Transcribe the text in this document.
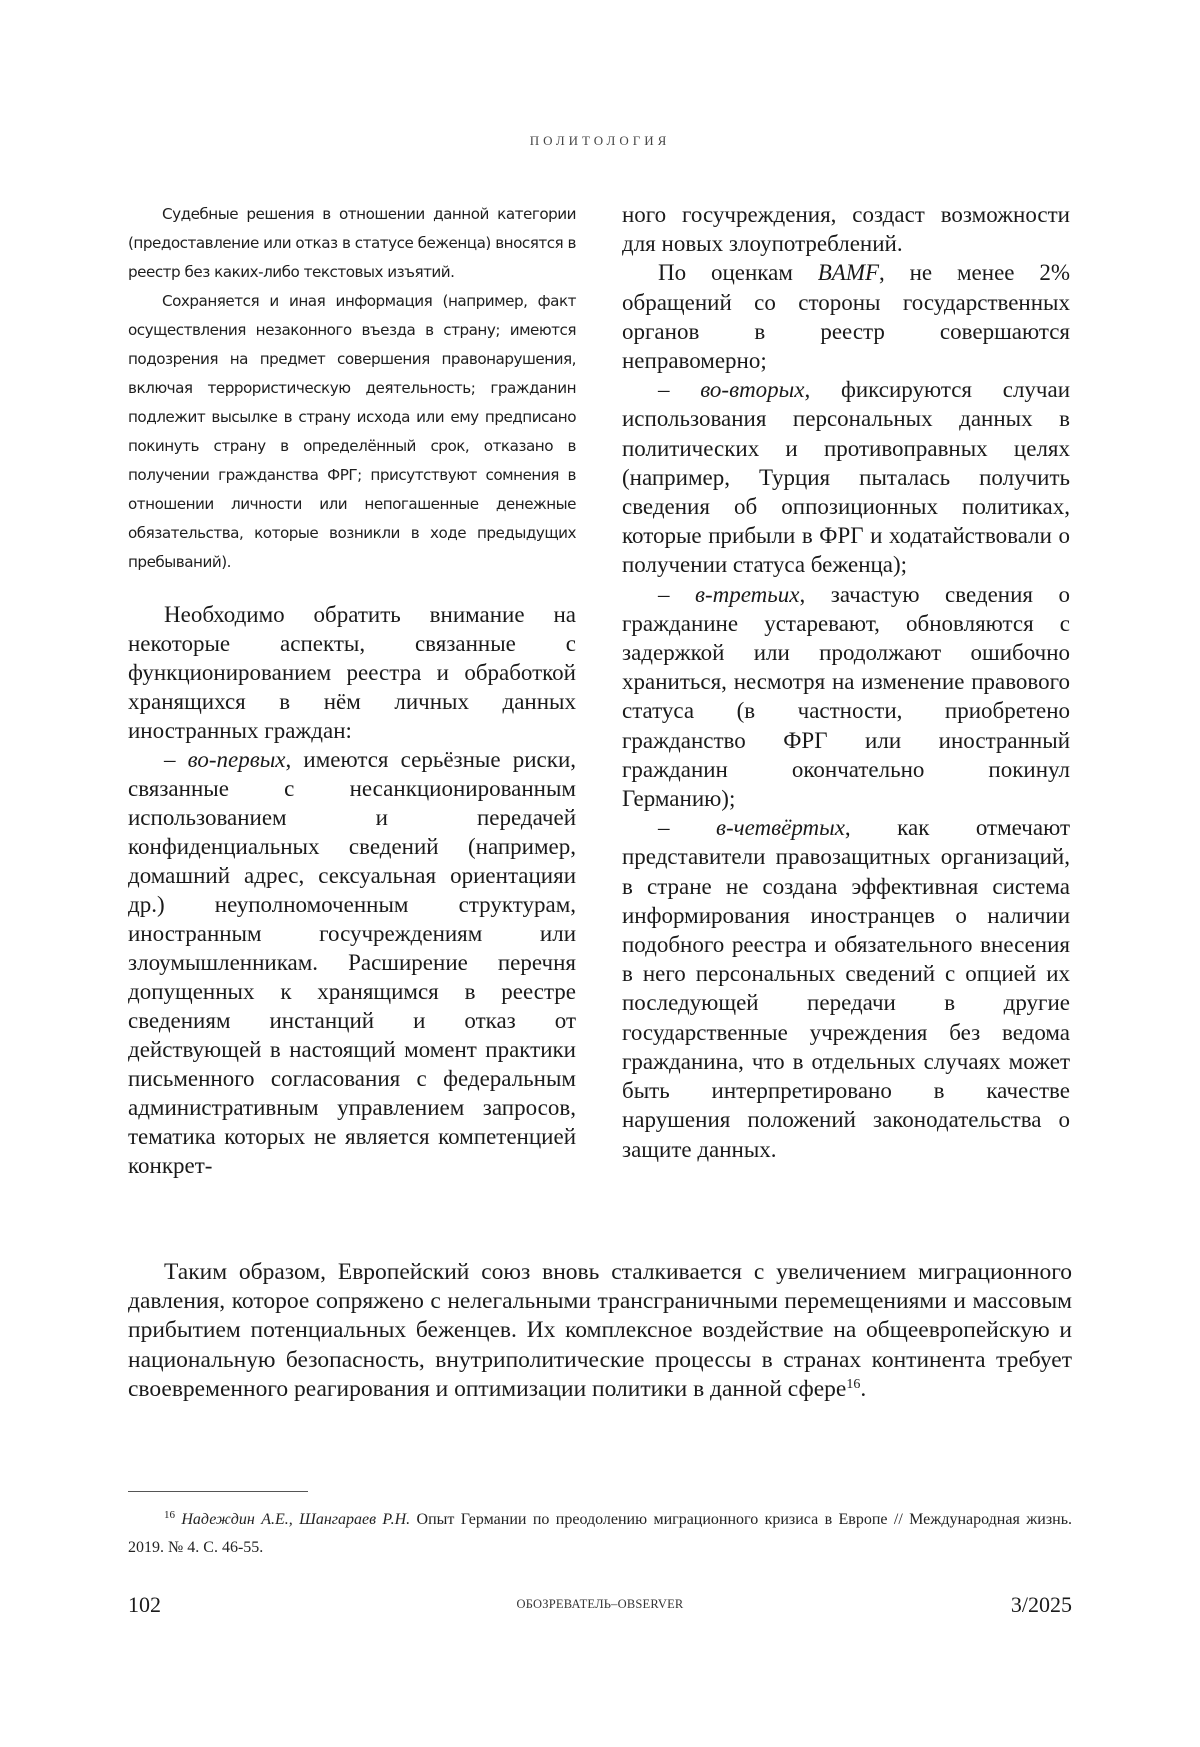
ПОЛИТОЛОГИЯ

Судебные решения в отношении данной категории (предоставление или отказ в статусе беженца) вносятся в реестр без каких-либо текстовых изъятий.

Сохраняется и иная информация (например, факт осуществления незаконного въезда в страну; имеются подозрения на предмет совершения правонарушения, включая террористическую деятельность; гражданин подлежит высылке в страну исхода или ему предписано покинуть страну в определённый срок, отказано в получении гражданства ФРГ; присутствуют сомнения в отношении личности или непогашенные денежные обязательства, которые возникли в ходе предыдущих пребываний).

Необходимо обратить внимание на некоторые аспекты, связанные с функционированием реестра и обработкой хранящихся в нём личных данных иностранных граждан:

– во-первых, имеются серьёзные риски, связанные с несанкционированным использованием и передачей конфиденциальных сведений (например, домашний адрес, сексуальная ориентацияи др.) неуполномоченным структурам, иностранным госучреждениям или злоумышленникам. Расширение перечня допущенных к хранящимся в реестре сведениям инстанций и отказ от действующей в настоящий момент практики письменного согласования с федеральным административным управлением запросов, тематика которых не является компетенцией конкрет-

ного госучреждения, создаст возможности для новых злоупотреблений.

По оценкам BAMF, не менее 2% обращений со стороны государственных органов в реестр совершаются неправомерно;

– во-вторых, фиксируются случаи использования персональных данных в политических и противоправных целях (например, Турция пыталась получить сведения об оппозиционных политиках, которые прибыли в ФРГ и ходатайствовали о получении статуса беженца);

– в-третьих, зачастую сведения о гражданине устаревают, обновляются с задержкой или продолжают ошибочно храниться, несмотря на изменение правового статуса (в частности, приобретено гражданство ФРГ или иностранный гражданин окончательно покинул Германию);

– в-четвёртых, как отмечают представители правозащитных организаций, в стране не создана эффективная система информирования иностранцев о наличии подобного реестра и обязательного внесения в него персональных сведений с опцией их последующей передачи в другие государственные учреждения без ведома гражданина, что в отдельных случаях может быть интерпретировано в качестве нарушения положений законодательства о защите данных.

Таким образом, Европейский союз вновь сталкивается с увеличением миграционного давления, которое сопряжено с нелегальными трансграничными перемещениями и массовым прибытием потенциальных беженцев. Их комплексное воздействие на общеевропейскую и национальную безопасность, внутриполитические процессы в странах континента требует своевременного реагирования и оптимизации политики в данной сфере$^{16}$.

$^{16}$ Надеждин А.Е., Шангараев Р.Н. Опыт Германии по преодолению миграционного кризиса в Европе // Международная жизнь. 2019. № 4. С. 46-55.

102	ОБОЗРЕВАТЕЛЬ–OBSERVER	3/2025
